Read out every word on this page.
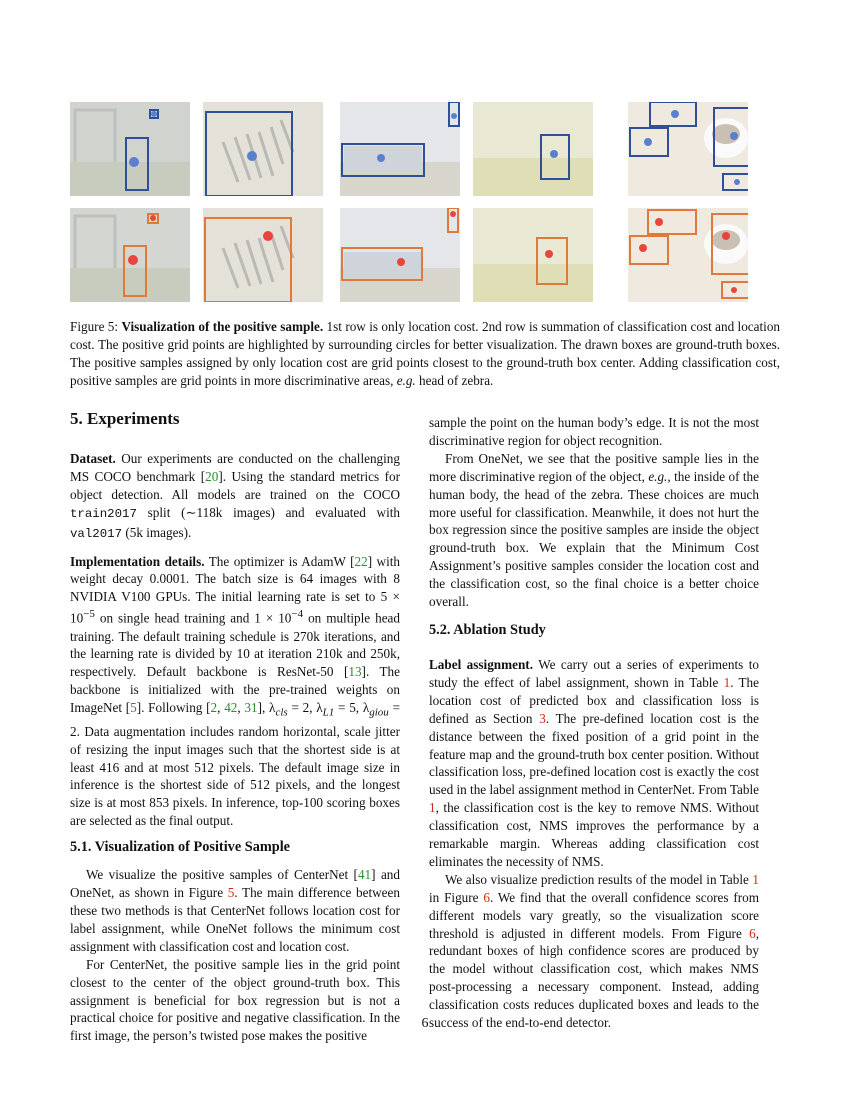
Figure 5: Visualization of the positive sample. 1st row is only location cost. 2nd row is summation of classification cost and location cost. The positive grid points are highlighted by surrounding circles for better visualization. The drawn boxes are ground-truth boxes. The positive samples assigned by only location cost are grid points closest to the ground-truth box center. Adding classification cost, positive samples are grid points in more discriminative areas, e.g. head of zebra.
5. Experiments

Dataset. Our experiments are conducted on the challenging MS COCO benchmark [20]. Using the standard metrics for object detection. All models are trained on the COCO train2017 split (∼118k images) and evaluated with val2017 (5k images).

Implementation details. The optimizer is AdamW [22] with weight decay 0.0001. The batch size is 64 images with 8 NVIDIA V100 GPUs. The initial learning rate is set to $5 \times 10^{-5}$ on single head training and $1 \times 10^{-4}$ on multiple head training. The default training schedule is 270k iterations, and the learning rate is divided by 10 at iteration 210k and 250k, respectively. Default backbone is ResNet-50 [13]. The backbone is initialized with the pre-trained weights on ImageNet [5]. Following [2, 42, 31], $\lambda_{cls} = 2$, $\lambda_{L1} = 5$, $\lambda_{giou} = 2$. Data augmentation includes random horizontal, scale jitter of resizing the input images such that the shortest side is at least 416 and at most 512 pixels. The default image size in inference is the shortest side of 512 pixels, and the longest size is at most 853 pixels. In inference, top-100 scoring boxes are selected as the final output.

5.1. Visualization of Positive Sample

We visualize the positive samples of CenterNet [41] and OneNet, as shown in Figure 5. The main difference between these two methods is that CenterNet follows location cost for label assignment, while OneNet follows the minimum cost assignment with classification cost and location cost.

For CenterNet, the positive sample lies in the grid point closest to the center of the object ground-truth box. This assignment is beneficial for box regression but is not a practical choice for positive and negative classification. In the first image, the person’s twisted pose makes the positive

sample the point on the human body’s edge. It is not the most discriminative region for object recognition.

From OneNet, we see that the positive sample lies in the more discriminative region of the object, e.g., the inside of the human body, the head of the zebra. These choices are much more useful for classification. Meanwhile, it does not hurt the box regression since the positive samples are inside the object ground-truth box. We explain that the Minimum Cost Assignment’s positive samples consider the location cost and the classification cost, so the final choice is a better choice overall.

5.2. Ablation Study

Label assignment. We carry out a series of experiments to study the effect of label assignment, shown in Table 1. The location cost of predicted box and classification loss is defined as Section 3. The pre-defined location cost is the distance between the fixed position of a grid point in the feature map and the ground-truth box center position. Without classification loss, pre-defined location cost is exactly the cost used in the label assignment method in CenterNet. From Table 1, the classification cost is the key to remove NMS. Without classification cost, NMS improves the performance by a remarkable margin. Whereas adding classification cost eliminates the necessity of NMS.

We also visualize prediction results of the model in Table 1 in Figure 6. We find that the overall confidence scores from different models vary greatly, so the visualization score threshold is adjusted in different models. From Figure 6, redundant boxes of high confidence scores are produced by the model without classification cost, which makes NMS post-processing a necessary component. Instead, adding classification costs reduces duplicated boxes and leads to the success of the end-to-end detector.

6
